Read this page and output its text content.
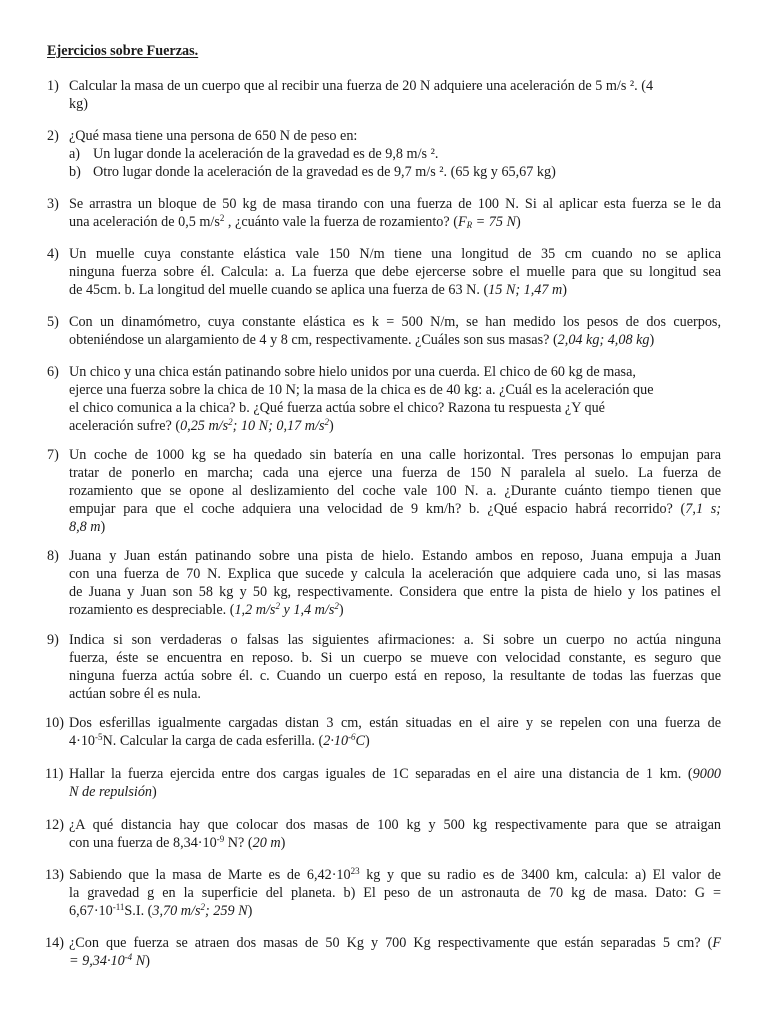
Ejercicios sobre Fuerzas.
1) Calcular la masa de un cuerpo que al recibir una fuerza de 20 N adquiere una aceleración de 5 m/s ². (4
kg)
2) ¿Qué masa tiene una persona de 650 N de peso en:
a) Un lugar donde la aceleración de la gravedad es de 9,8 m/s ².
b) Otro lugar donde la aceleración de la gravedad es de 9,7 m/s ². (65 kg y 65,67 kg)
3) Se arrastra un bloque de 50 kg de masa tirando con una fuerza de 100 N. Si al aplicar esta fuerza se le da
una aceleración de 0,5 $m/s^2$ , ¿cuánto vale la fuerza de rozamiento? ($F_R = 75$ N)
4) Un muelle cuya constante elástica vale 150 N/m tiene una longitud de 35 cm cuando no se aplica
ninguna fuerza sobre él. Calcula: a. La fuerza que debe ejercerse sobre el muelle para que su longitud sea
de 45cm. b. La longitud del muelle cuando se aplica una fuerza de 63 N. (15 N; 1,47 m)
5) Con un dinamómetro, cuya constante elástica es k = 500 N/m, se han medido los pesos de dos cuerpos,
obteniéndose un alargamiento de 4 y 8 cm, respectivamente. ¿Cuáles son sus masas? (2,04 kg; 4,08 kg)
6) Un chico y una chica están patinando sobre hielo unidos por una cuerda. El chico de 60 kg de masa,
ejerce una fuerza sobre la chica de 10 N; la masa de la chica es de 40 kg: a. ¿Cuál es la aceleración que
el chico comunica a la chica? b. ¿Qué fuerza actúa sobre el chico? Razona tu respuesta ¿Y qué
aceleración sufre? (0,25 $m/s^2$; 10 N; 0,17 $m/s^2$)
7) Un coche de 1000 kg se ha quedado sin batería en una calle horizontal. Tres personas lo empujan para
tratar de ponerlo en marcha; cada una ejerce una fuerza de 150 N paralela al suelo. La fuerza de
rozamiento que se opone al deslizamiento del coche vale 100 N. a. ¿Durante cuánto tiempo tienen que
empujar para que el coche adquiera una velocidad de 9 km/h? b. ¿Qué espacio habrá recorrido? (7,1 s;
8,8 m)
8) Juana y Juan están patinando sobre una pista de hielo. Estando ambos en reposo, Juana empuja a Juan
con una fuerza de 70 N. Explica que sucede y calcula la aceleración que adquiere cada uno, si las masas
de Juana y Juan son 58 kg y 50 kg, respectivamente. Considera que entre la pista de hielo y los patines el
rozamiento es despreciable. (1,2 $m/s^2$ y 1,4 $m/s^2$)
9) Indica si son verdaderas o falsas las siguientes afirmaciones: a. Si sobre un cuerpo no actúa ninguna
fuerza, éste se encuentra en reposo. b. Si un cuerpo se mueve con velocidad constante, es seguro que
ninguna fuerza actúa sobre él. c. Cuando un cuerpo está en reposo, la resultante de todas las fuerzas que
actúan sobre él es nula.
10) Dos esferillas igualmente cargadas distan 3 cm, están situadas en el aire y se repelen con una fuerza de
$4\cdot 10^{-5}N$. Calcular la carga de cada esferilla. $(2\cdot 10^{-6}C)$
11) Hallar la fuerza ejercida entre dos cargas iguales de 1C separadas en el aire una distancia de 1 km. (9000
N de repulsión)
12) ¿A qué distancia hay que colocar dos masas de 100 kg y 500 kg respectivamente para que se atraigan
con una fuerza de $8,34\cdot 10^{-9}$ N? (20 m)
13) Sabiendo que la masa de Marte es de $6,42\cdot 10^{23}$ kg y que su radio es de 3400 km, calcula: a) El valor de
la gravedad g en la superficie del planeta. b) El peso de un astronauta de 70 kg de masa. Dato: G =
$6,67\cdot 10^{-11}S.I$. (3,70 $m/s^2$; 259 N)
14) ¿Con que fuerza se atraen dos masas de 50 Kg y 700 Kg respectivamente que están separadas 5 cm? (F
= $9,34\cdot 10^{-4}$ N)
